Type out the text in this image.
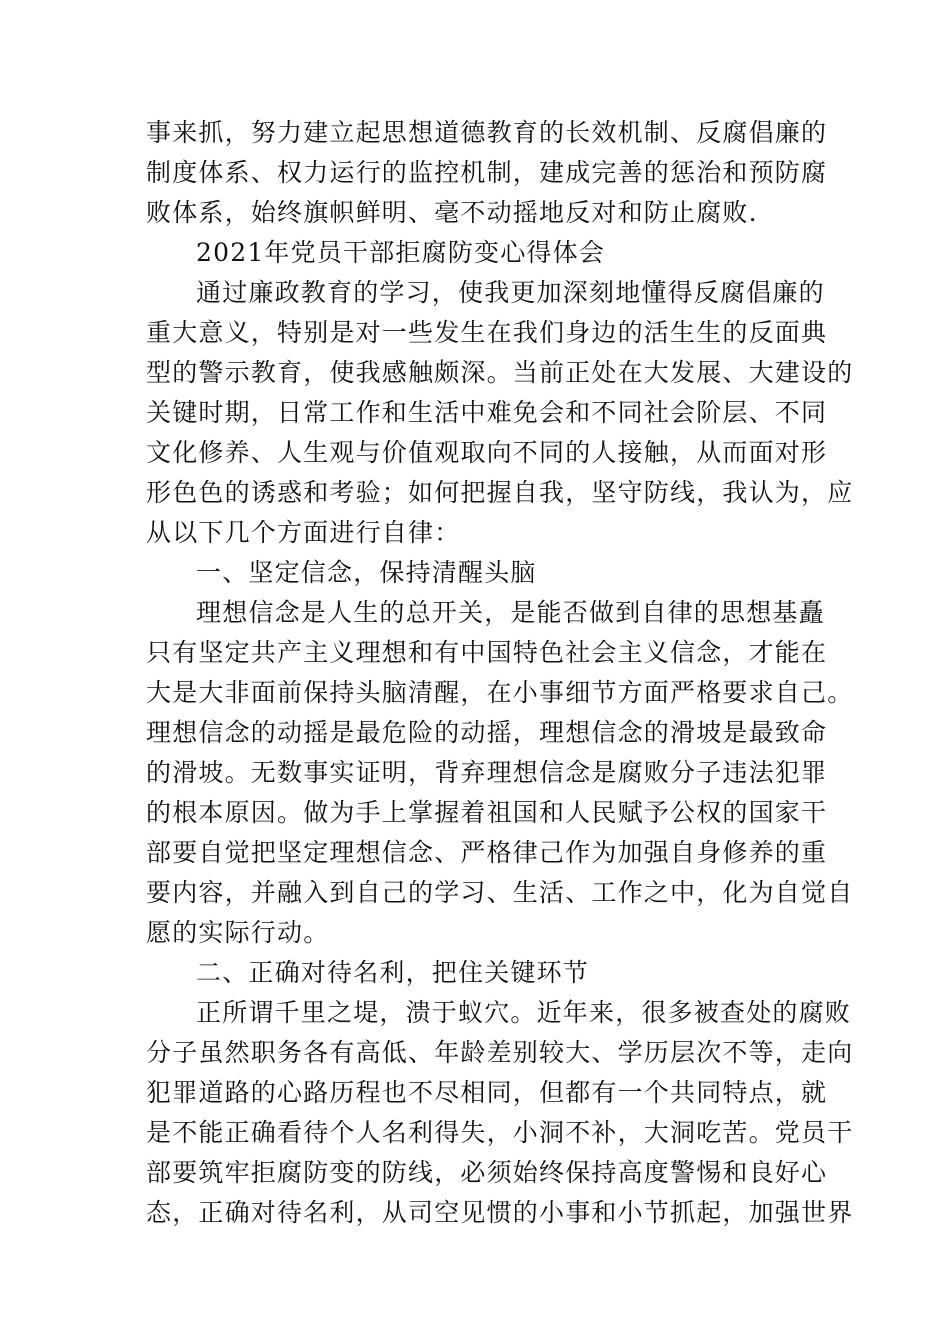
事来抓，努力建立起思想道德教育的长效机制、反腐倡廉的
制度体系、权力运行的监控机制，建成完善的惩治和预防腐
败体系，始终旗帜鲜明、毫不动摇地反对和防止腐败.
2021年党员干部拒腐防变心得体会
通过廉政教育的学习，使我更加深刻地懂得反腐倡廉的
重大意义，特别是对一些发生在我们身边的活生生的反面典
型的警示教育，使我感触颇深。当前正处在大发展、大建设的
关键时期，日常工作和生活中难免会和不同社会阶层、不同
文化修养、人生观与价值观取向不同的人接触，从而面对形
形色色的诱惑和考验；如何把握自我，坚守防线，我认为，应
从以下几个方面进行自律：
一、坚定信念，保持清醒头脑
理想信念是人生的总开关，是能否做到自律的思想基矗
只有坚定共产主义理想和有中国特色社会主义信念，才能在
大是大非面前保持头脑清醒，在小事细节方面严格要求自己。
理想信念的动摇是最危险的动摇，理想信念的滑坡是最致命
的滑坡。无数事实证明，背弃理想信念是腐败分子违法犯罪
的根本原因。做为手上掌握着祖国和人民赋予公权的国家干
部要自觉把坚定理想信念、严格律己作为加强自身修养的重
要内容，并融入到自己的学习、生活、工作之中，化为自觉自
愿的实际行动。
二、正确对待名利，把住关键环节
正所谓千里之堤，溃于蚁穴。近年来，很多被查处的腐败
分子虽然职务各有高低、年龄差别较大、学历层次不等，走向
犯罪道路的心路历程也不尽相同，但都有一个共同特点，就
是不能正确看待个人名利得失，小洞不补，大洞吃苦。党员干
部要筑牢拒腐防变的防线，必须始终保持高度警惕和良好心
态，正确对待名利，从司空见惯的小事和小节抓起，加强世界
